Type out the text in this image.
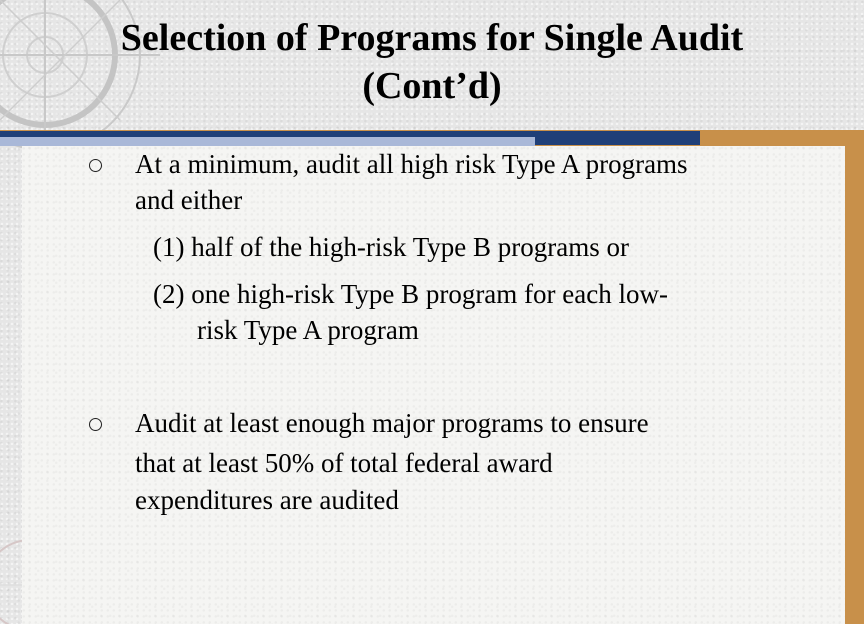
Selection of Programs for Single Audit
(Cont’d)
At a minimum, audit all high risk Type A programs
and either
(1) half of the high-risk Type B programs or
(2) one high-risk Type B program for each low-
risk Type A program
Audit at least enough major programs to ensure
that at least 50% of total federal award
expenditures are audited
